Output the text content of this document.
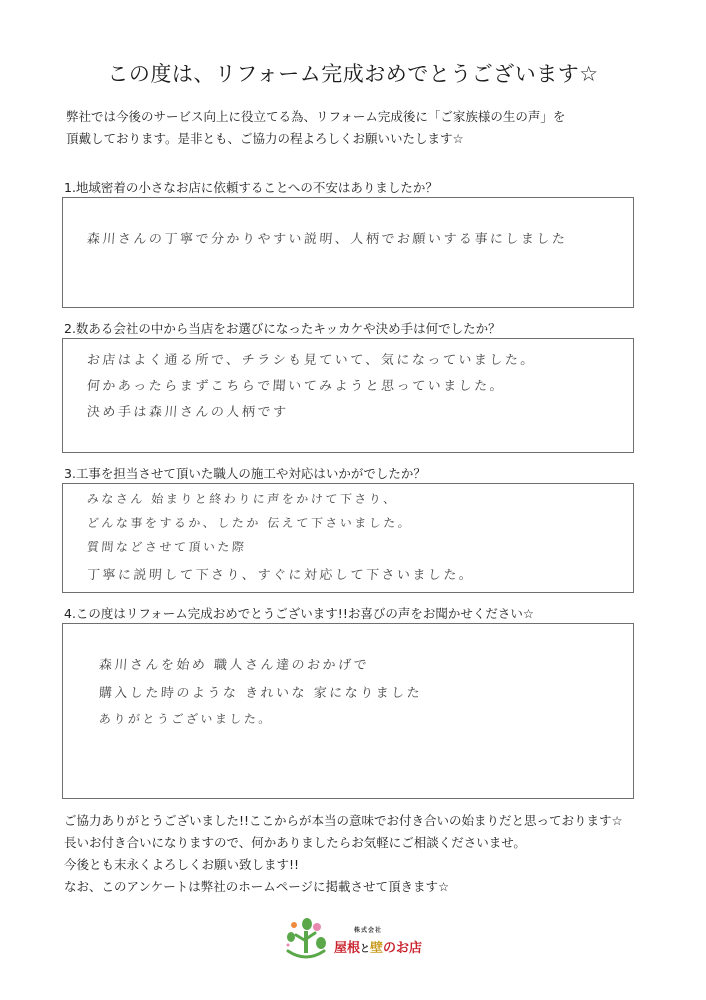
この度は、リフォーム完成おめでとうございます☆
弊社では今後のサービス向上に役立てる為、リフォーム完成後に「ご家族様の生の声」を
頂戴しております。是非とも、ご協力の程よろしくお願いいたします☆
1.地域密着の小さなお店に依頼することへの不安はありましたか？
森川さんの丁寧で分かりやすい説明、人柄でお願いする事にしました
2.数ある会社の中から当店をお選びになったキッカケや決め手は何でしたか？
お店はよく通る所で、チラシも見ていて、気になっていました。
何かあったらまずこちらで聞いてみようと思っていました。
決め手は森川さんの人柄です
3.工事を担当させて頂いた職人の施工や対応はいかがでしたか？
みなさん 始まりと終わりに声をかけて下さり、
どんな事をするか、したか 伝えて下さいました。
質問などさせて頂いた際
丁寧に説明して下さり、すぐに対応して下さいました。
4.この度はリフォーム完成おめでとうございます!!お喜びの声をお聞かせください☆
森川さんを始め 職人さん達のおかげで
購入した時のような きれいな 家になりました
ありがとうございました。
ご協力ありがとうございました!!ここからが本当の意味でお付き合いの始まりだと思っております☆
長いお付き合いになりますので、何かありましたらお気軽にご相談くださいませ。
今後とも末永くよろしくお願い致します!!
なお、このアンケートは弊社のホームページに掲載させて頂きます☆
株式会社
屋根と壁のお店
